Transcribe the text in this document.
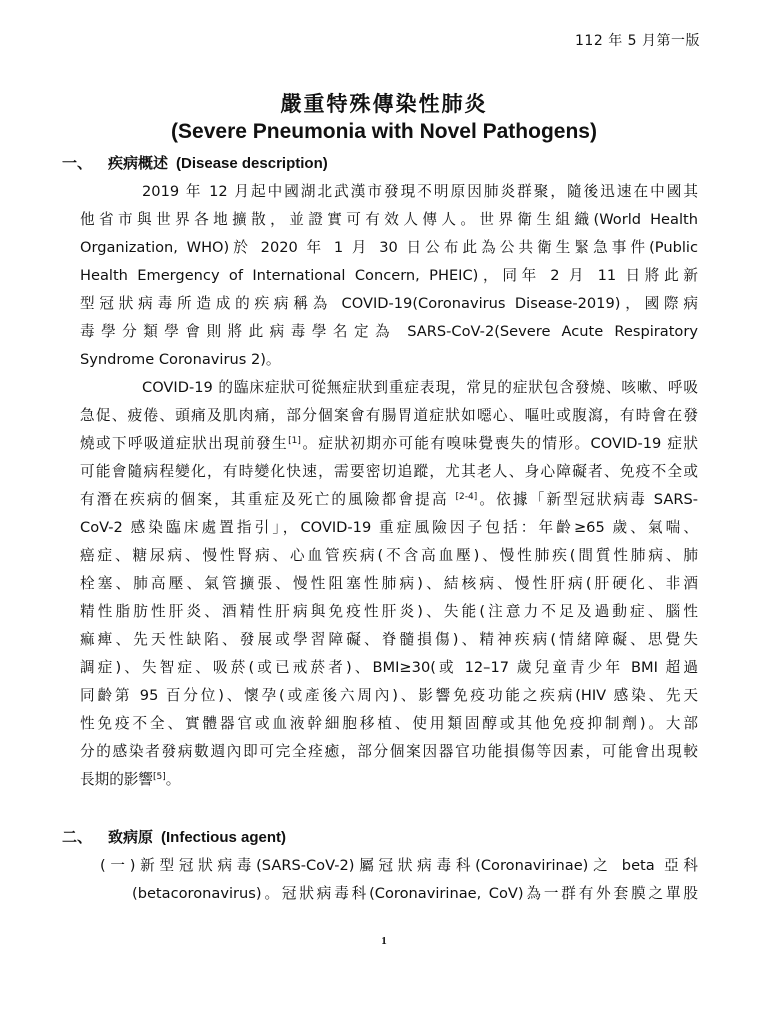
112 年 5 月第一版
嚴重特殊傳染性肺炎
(Severe Pneumonia with Novel Pathogens)
一、 疾病概述 (Disease description)
2019 年 12 月起中國湖北武漢市發現不明原因肺炎群聚，隨後迅速在中國其
他省市與世界各地擴散，並證實可有效人傳人。世界衛生組織(World Health
Organization, WHO)於 2020 年 1 月 30 日公布此為公共衛生緊急事件(Public
Health Emergency of International Concern, PHEIC)，同年 2 月 11 日將此新
型冠狀病毒所造成的疾病稱為 COVID-19(Coronavirus Disease-2019)，國際病
毒學分類學會則將此病毒學名定為 SARS-CoV-2(Severe Acute Respiratory
Syndrome Coronavirus 2)。
COVID-19 的臨床症狀可從無症狀到重症表現，常見的症狀包含發燒、咳嗽、呼吸
急促、疲倦、頭痛及肌肉痛，部分個案會有腸胃道症狀如噁心、嘔吐或腹瀉，有時會在發
燒或下呼吸道症狀出現前發生[1]。症狀初期亦可能有嗅味覺喪失的情形。COVID-19 症狀
可能會隨病程變化，有時變化快速，需要密切追蹤，尤其老人、身心障礙者、免疫不全或
有潛在疾病的個案，其重症及死亡的風險都會提高 [2-4]。依據「新型冠狀病毒 SARS-
CoV-2 感染臨床處置指引」，COVID-19 重症風險因子包括：年齡≥65 歲、氣喘、
癌症、糖尿病、慢性腎病、心血管疾病(不含高血壓)、慢性肺疾(間質性肺病、肺
栓塞、肺高壓、氣管擴張、慢性阻塞性肺病)、結核病、慢性肝病(肝硬化、非酒
精性脂肪性肝炎、酒精性肝病與免疫性肝炎)、失能(注意力不足及過動症、腦性
痲痺、先天性缺陷、發展或學習障礙、脊髓損傷)、精神疾病(情緒障礙、思覺失
調症)、失智症、吸菸(或已戒菸者)、BMI≥30(或 12–17 歲兒童青少年 BMI 超過
同齡第 95 百分位)、懷孕(或產後六周內)、影響免疫功能之疾病(HIV 感染、先天
性免疫不全、實體器官或血液幹細胞移植、使用類固醇或其他免疫抑制劑)。大部
分的感染者發病數週內即可完全痊癒，部分個案因器官功能損傷等因素，可能會出現較
長期的影響[5]。
二、 致病原 (Infectious agent)
(一)新型冠狀病毒(SARS-CoV-2)屬冠狀病毒科(Coronavirinae)之 beta 亞科
(betacoronavirus)。冠狀病毒科(Coronavirinae, CoV)為一群有外套膜之單股
1
